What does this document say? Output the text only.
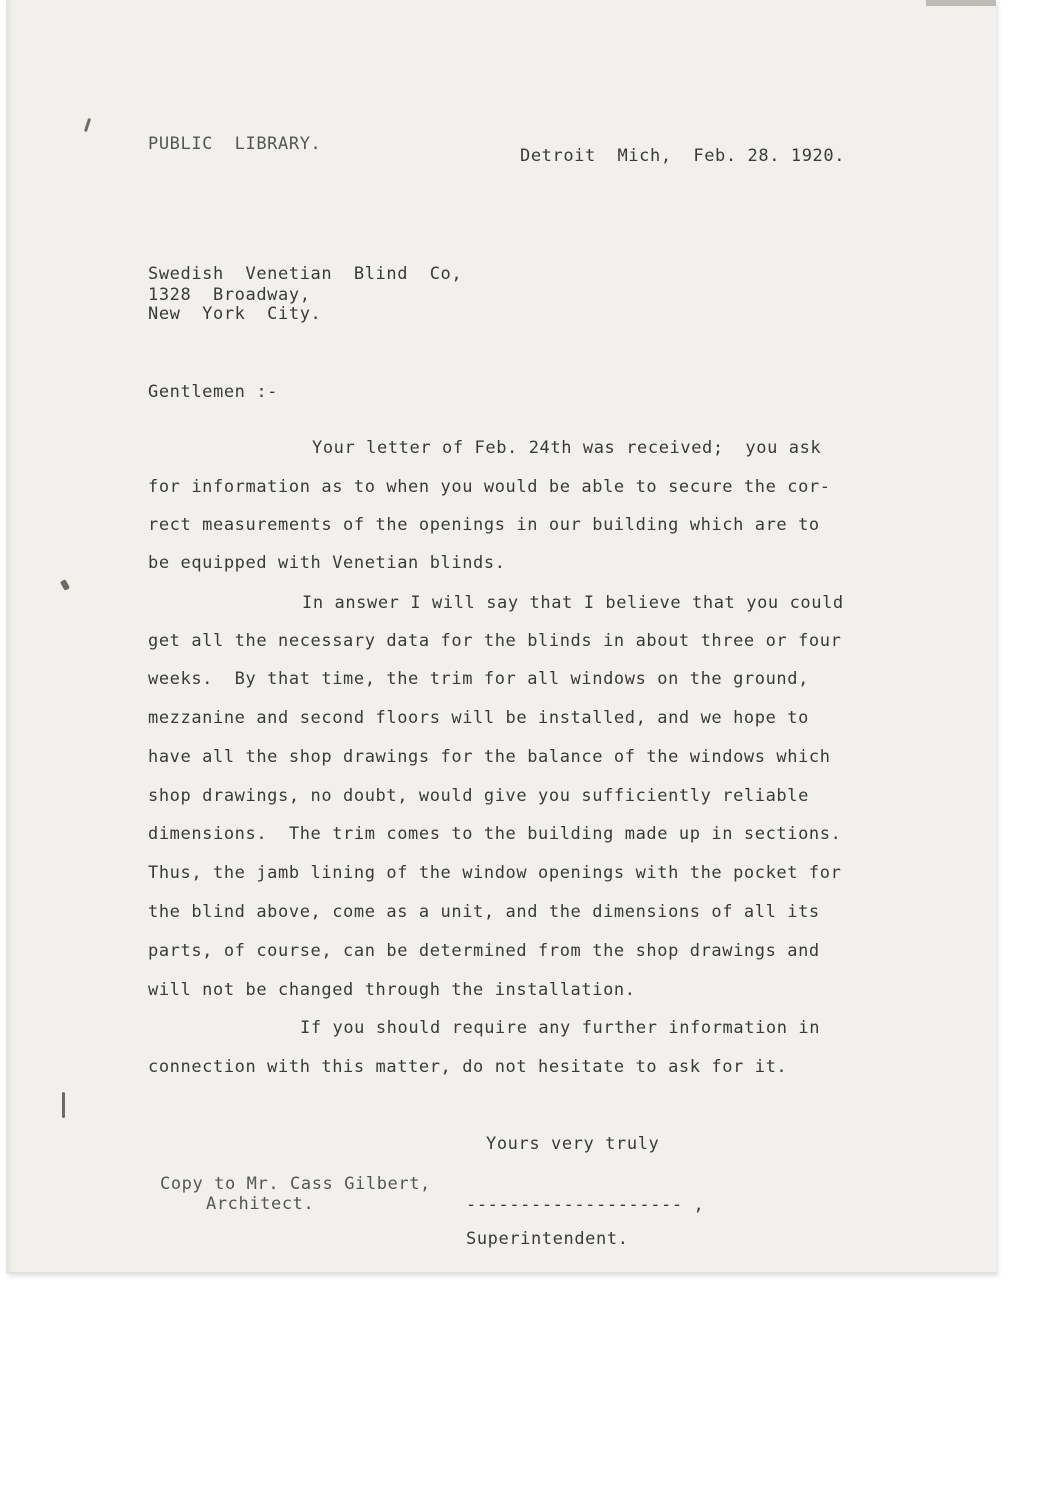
PUBLIC  LIBRARY.
Detroit  Mich,  Feb. 28. 1920.
Swedish  Venetian  Blind  Co,
1328  Broadway,
New  York  City.
Gentlemen :-
Your letter of Feb. 24th was received;  you ask
for information as to when you would be able to secure the cor-
rect measurements of the openings in our building which are to
be equipped with Venetian blinds.
In answer I will say that I believe that you could
get all the necessary data for the blinds in about three or four
weeks.  By that time, the trim for all windows on the ground,
mezzanine and second floors will be installed, and we hope to
have all the shop drawings for the balance of the windows which
shop drawings, no doubt, would give you sufficiently reliable
dimensions.  The trim comes to the building made up in sections.
Thus, the jamb lining of the window openings with the pocket for
the blind above, come as a unit, and the dimensions of all its
parts, of course, can be determined from the shop drawings and
will not be changed through the installation.
If you should require any further information in
connection with this matter, do not hesitate to ask for it.
Yours very truly
Copy to Mr. Cass Gilbert,
Architect.	-------------------- ,
Superintendent.
